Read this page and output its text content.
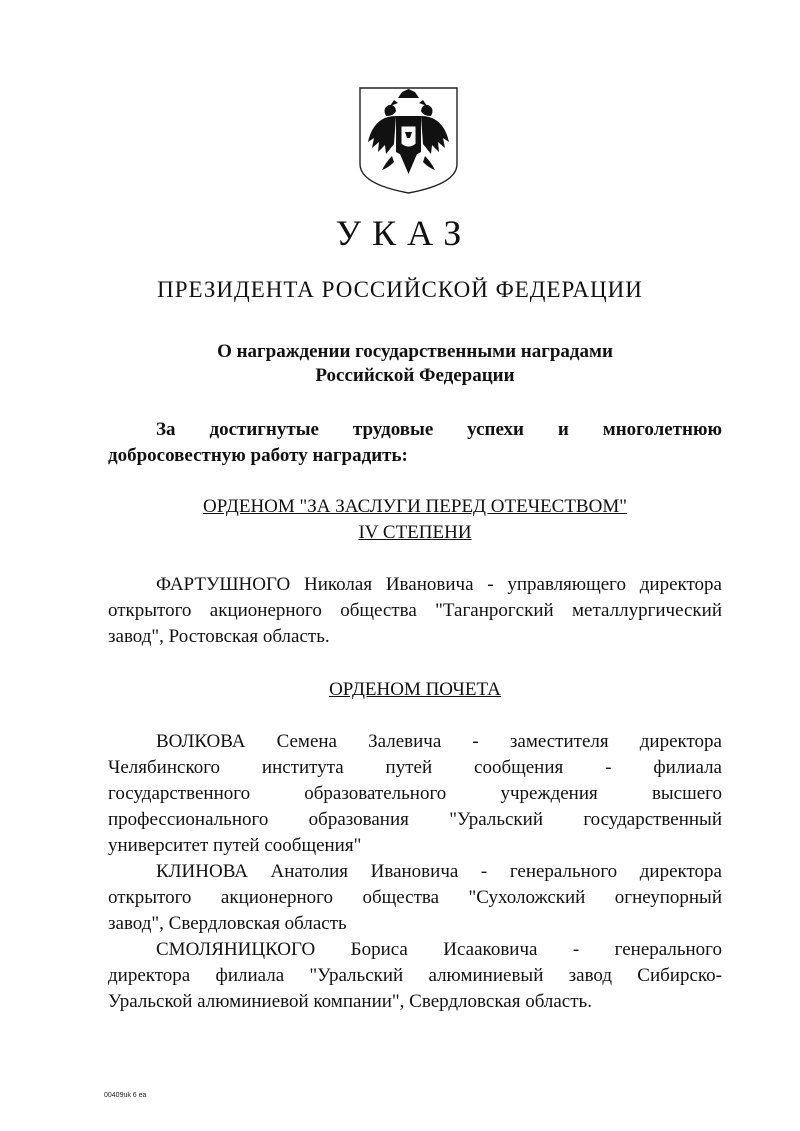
УКАЗ
ПРЕЗИДЕНТА РОССИЙСКОЙ ФЕДЕРАЦИИ
О награждении государственными наградами
Российской Федерации
За достигнутые трудовые успехи и многолетнюю
добросовестную работу наградить:
ОРДЕНОМ "ЗА ЗАСЛУГИ ПЕРЕД ОТЕЧЕСТВОМ"
IV СТЕПЕНИ
ФАРТУШНОГО Николая Ивановича - управляющего директора
открытого акционерного общества "Таганрогский металлургический
завод", Ростовская область.
ОРДЕНОМ ПОЧЕТА
ВОЛКОВА Семена Залевича - заместителя директора
Челябинского института путей сообщения - филиала
государственного образовательного учреждения высшего
профессионального образования "Уральский государственный
университет путей сообщения"
КЛИНОВА Анатолия Ивановича - генерального директора
открытого акционерного общества "Сухоложский огнеупорный
завод", Свердловская область
СМОЛЯНИЦКОГО Бориса Исааковича - генерального
директора филиала "Уральский алюминиевый завод Сибирско-
Уральской алюминиевой компании", Свердловская область.
00409uk 6 ea
